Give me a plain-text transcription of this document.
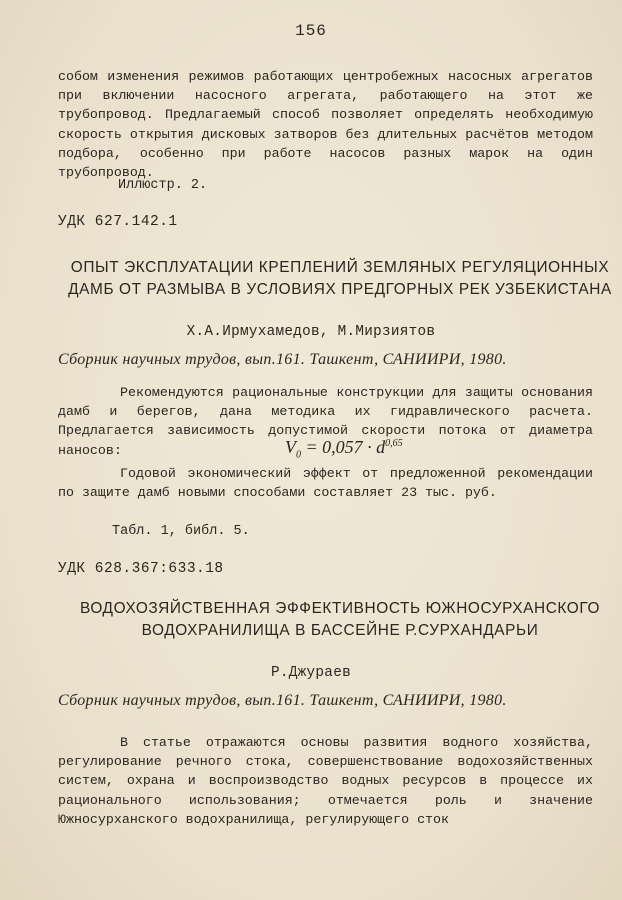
156

собом изменения режимов работающих центробежных насосных агрегатов при включении насосного агрегата, работающего на этот же трубопровод. Предлагаемый способ позволяет определять необходимую скорость открытия дисковых затворов без длительных расчётов методом подбора, особенно при работе насосов разных марок на один трубопровод.

Иллюстр. 2.
УДК 627.142.1

ОПЫТ ЭКСПЛУАТАЦИИ КРЕПЛЕНИЙ ЗЕМЛЯНЫХ РЕГУЛЯЦИОННЫХ ДАМБ ОТ РАЗМЫВА В УСЛОВИЯХ ПРЕДГОРНЫХ РЕК УЗБЕКИСТАНА

Х.А.Ирмухамедов, М.Мирзиятов
Сборник научных трудов, вып.161. Ташкент, САНИИРИ, 1980.

Рекомендуются рациональные конструкции для защиты основания дамб и берегов, дана методика их гидравлического расчета. Предлагается зависимость допустимой скорости потока от диаметра наносов:	$V_0 = 0,057 \cdot d^{0,65}$

Годовой экономический эффект от предложенной рекомендации по защите дамб новыми способами составляет 23 тыс. руб.

Табл. 1, библ. 5.
УДК 628.367:633.18

ВОДОХОЗЯЙСТВЕННАЯ ЭФФЕКТИВНОСТЬ ЮЖНОСУРХАНСКОГО ВОДОХРАНИЛИЩА В БАССЕЙНЕ Р.СУРХАНДАРЬИ

Р.Джураев
Сборник научных трудов, вып.161. Ташкент, САНИИРИ, 1980.

В статье отражаются основы развития водного хозяйства, регулирование речного стока, совершенствование водохозяйственных систем, охрана и воспроизводство водных ресурсов в процессе их рационального использования; отмечается роль и значение Южносурханского водохранилища, регулирующего сток
